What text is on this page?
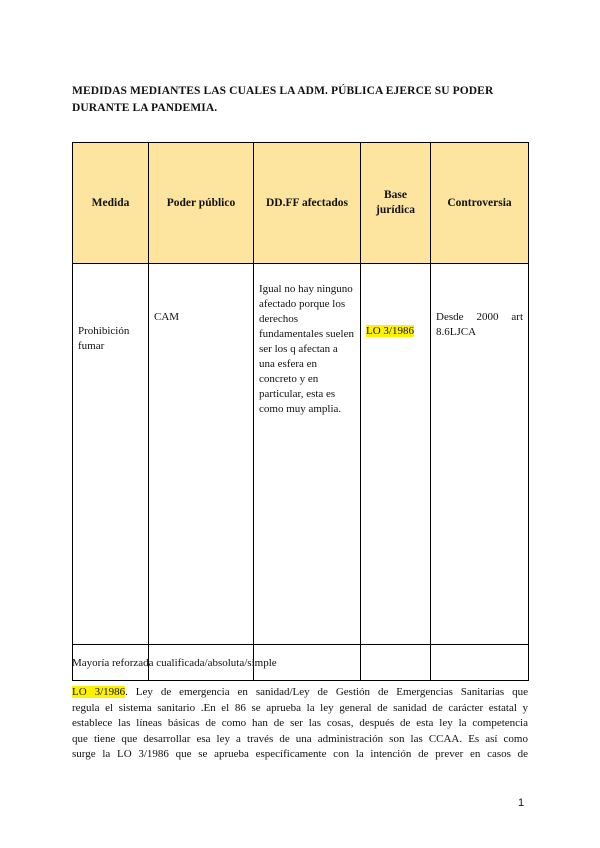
MEDIDAS MEDIANTES LAS CUALES LA ADM. PÚBLICA EJERCE SU PODER DURANTE LA PANDEMIA.
Medida	Poder público	DD.FF afectados	Base jurídica	Controversia
Prohibición fumar	CAM	Igual no hay ninguno afectado porque los derechos fundamentales suelen ser los q afectan a una esfera en concreto y en particular, esta es como muy amplia.	LO 3/1986	Desde 2000 art 8.6LJCA

Mayoría reforzada cualificada/absoluta/simple
LO 3/1986. Ley de emergencia en sanidad/Ley de Gestión de Emergencias Sanitarias que
regula el sistema sanitario .En el 86 se aprueba la ley general de sanidad de carácter estatal y
establece las líneas básicas de como han de ser las cosas, después de esta ley la competencia
que tiene que desarrollar esa ley a través de una administración son las CCAA. Es así como
surge la LO 3/1986 que se aprueba específicamente con la intención de prever en casos de
1
